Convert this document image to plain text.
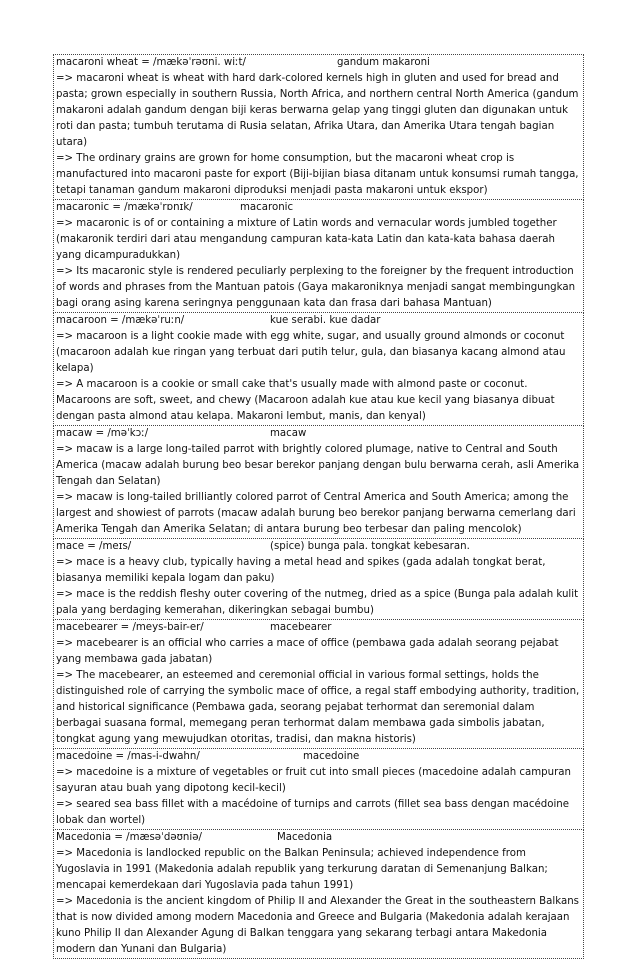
macaroni wheat = /mækəˈrəʊni. wiːt/	gandum makaroni
=> macaroni wheat is wheat with hard dark-colored kernels high in gluten and used for bread and pasta; grown especially in southern Russia, North Africa, and northern central North America (gandum makaroni adalah gandum dengan biji keras berwarna gelap yang tinggi gluten dan digunakan untuk roti dan pasta; tumbuh terutama di Rusia selatan, Afrika Utara, dan Amerika Utara tengah bagian utara)
=> The ordinary grains are grown for home consumption, but the macaroni wheat crop is manufactured into macaroni paste for export (Biji-bijian biasa ditanam untuk konsumsi rumah tangga, tetapi tanaman gandum makaroni diproduksi menjadi pasta makaroni untuk ekspor)
macaronic = /mækəˈrɒnɪk/	macaronic
=> macaronic is of or containing a mixture of Latin words and vernacular words jumbled together (makaronik terdiri dari atau mengandung campuran kata-kata Latin dan kata-kata bahasa daerah yang dicampuradukkan)
=> Its macaronic style is rendered peculiarly perplexing to the foreigner by the frequent introduction of words and phrases from the Mantuan patois (Gaya makaroniknya menjadi sangat membingungkan bagi orang asing karena seringnya penggunaan kata dan frasa dari bahasa Mantuan)
macaroon = /mækəˈruːn/	kue serabi. kue dadar
=> macaroon is a light cookie made with egg white, sugar, and usually ground almonds or coconut (macaroon adalah kue ringan yang terbuat dari putih telur, gula, dan biasanya kacang almond atau kelapa)
=> A macaroon is a cookie or small cake that's usually made with almond paste or coconut. Macaroons are soft, sweet, and chewy (Macaroon adalah kue atau kue kecil yang biasanya dibuat dengan pasta almond atau kelapa. Makaroni lembut, manis, dan kenyal)
macaw = /məˈkɔː/	macaw
=> macaw is a large long-tailed parrot with brightly colored plumage, native to Central and South America (macaw adalah burung beo besar berekor panjang dengan bulu berwarna cerah, asli Amerika Tengah dan Selatan)
=> macaw is long-tailed brilliantly colored parrot of Central America and South America; among the largest and showiest of parrots (macaw adalah burung beo berekor panjang berwarna cemerlang dari Amerika Tengah dan Amerika Selatan; di antara burung beo terbesar dan paling mencolok)
mace = /meɪs/	(spice) bunga pala. tongkat kebesaran.
=> mace is a heavy club, typically having a metal head and spikes (gada adalah tongkat berat, biasanya memiliki kepala logam dan paku)
=> mace is the reddish fleshy outer covering of the nutmeg, dried as a spice (Bunga pala adalah kulit pala yang berdaging kemerahan, dikeringkan sebagai bumbu)
macebearer = /meys-bair-er/	macebearer
=> macebearer is an official who carries a mace of office (pembawa gada adalah seorang pejabat yang membawa gada jabatan)
=> The macebearer, an esteemed and ceremonial official in various formal settings, holds the distinguished role of carrying the symbolic mace of office, a regal staff embodying authority, tradition, and historical significance (Pembawa gada, seorang pejabat terhormat dan seremonial dalam berbagai suasana formal, memegang peran terhormat dalam membawa gada simbolis jabatan, tongkat agung yang mewujudkan otoritas, tradisi, dan makna historis)
macedoine = /mas-i-dwahn/	macedoine
=> macedoine is a mixture of vegetables or fruit cut into small pieces (macedoine adalah campuran sayuran atau buah yang dipotong kecil-kecil)
=> seared sea bass fillet with a macédoine of turnips and carrots (fillet sea bass dengan macédoine lobak dan wortel)
Macedonia = /mæsəˈdəʊniə/	Macedonia
=> Macedonia is landlocked republic on the Balkan Peninsula; achieved independence from Yugoslavia in 1991 (Makedonia adalah republik yang terkurung daratan di Semenanjung Balkan; mencapai kemerdekaan dari Yugoslavia pada tahun 1991)
=> Macedonia is the ancient kingdom of Philip II and Alexander the Great in the southeastern Balkans that is now divided among modern Macedonia and Greece and Bulgaria (Makedonia adalah kerajaan kuno Philip II dan Alexander Agung di Balkan tenggara yang sekarang terbagi antara Makedonia modern dan Yunani dan Bulgaria)
